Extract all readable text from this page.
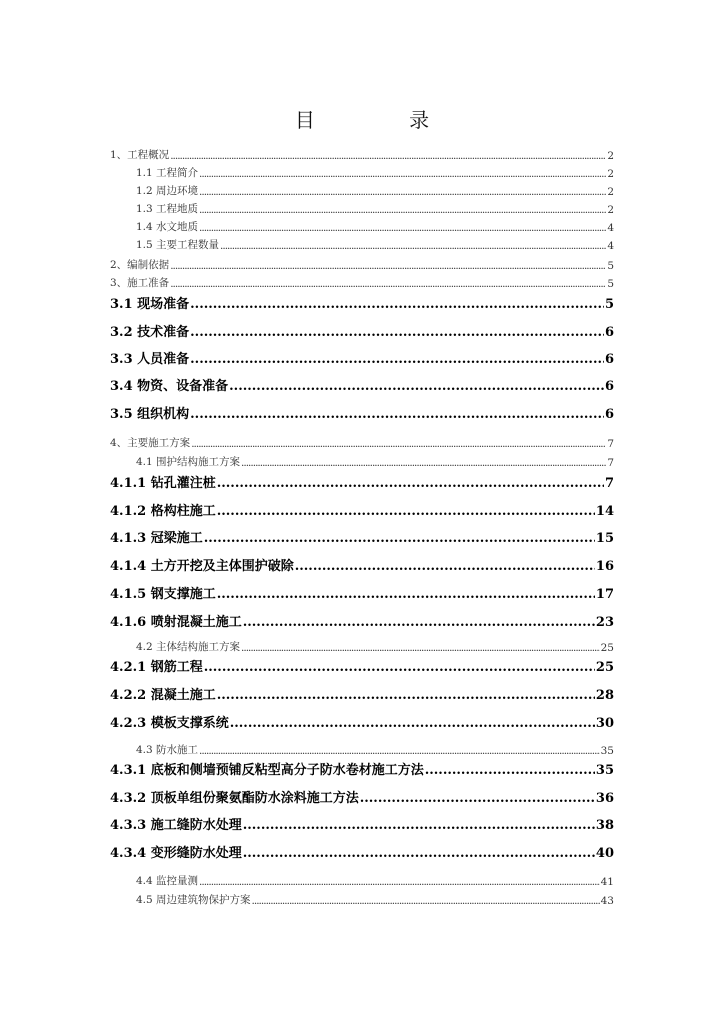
目 录
1、工程概况 .....	2
1.1 工程简介 .....	2
1.2 周边环境 .....	2
1.3 工程地质 .....	2
1.4 水文地质 .....	4
1.5 主要工程数量 .....	4
2、编制依据 .....	5
3、施工准备 .....	5
3.1 现场准备 .....	5
3.2 技术准备 .....	6
3.3 人员准备 .....	6
3.4 物资、设备准备 .....	6
3.5 组织机构 .....	6
4、主要施工方案 .....	7
4.1 围护结构施工方案 .....	7
4.1.1 钻孔灌注桩 .....	7
4.1.2 格构柱施工 .....	14
4.1.3 冠梁施工 .....	15
4.1.4 土方开挖及主体围护破除 .....	16
4.1.5 钢支撑施工 .....	17
4.1.6 喷射混凝土施工 .....	23
4.2 主体结构施工方案 .....	25
4.2.1 钢筋工程 .....	25
4.2.2 混凝土施工 .....	28
4.2.3 模板支撑系统 .....	30
4.3 防水施工 .....	35
4.3.1 底板和侧墙预铺反粘型高分子防水卷材施工方法 .....	35
4.3.2 顶板单组份聚氨酯防水涂料施工方法 .....	36
4.3.3 施工缝防水处理 .....	38
4.3.4 变形缝防水处理 .....	40
4.4 监控量测 .....	41
4.5 周边建筑物保护方案 .....	43
